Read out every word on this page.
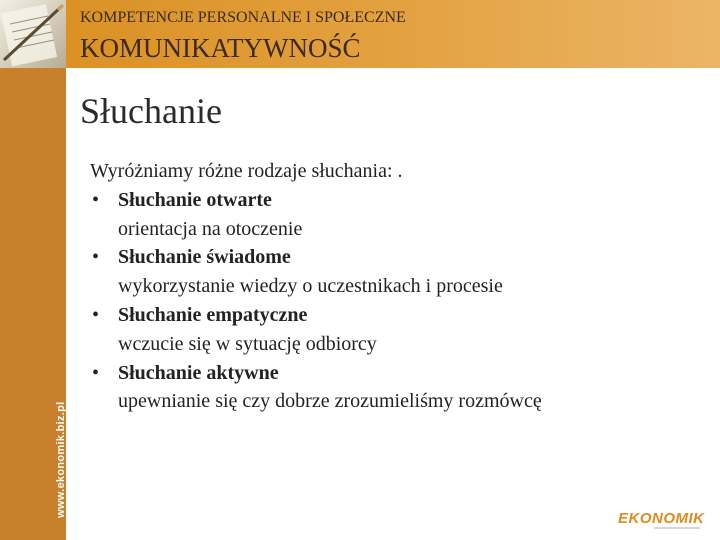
www.ekonomik.biz.pl
KOMPETENCJE PERSONALNE I SPOŁECZNE
KOMUNIKATYWNOŚĆ
Słuchanie
Wyróżniamy różne rodzaje słuchania: .
• Słuchanie otwarte
orientacja na otoczenie
• Słuchanie świadome
wykorzystanie wiedzy o uczestnikach i procesie
• Słuchanie empatyczne
wczucie się w sytuację odbiorcy
• Słuchanie aktywne
upewnianie się czy dobrze zrozumieliśmy rozmówcę
EKONOMIK
